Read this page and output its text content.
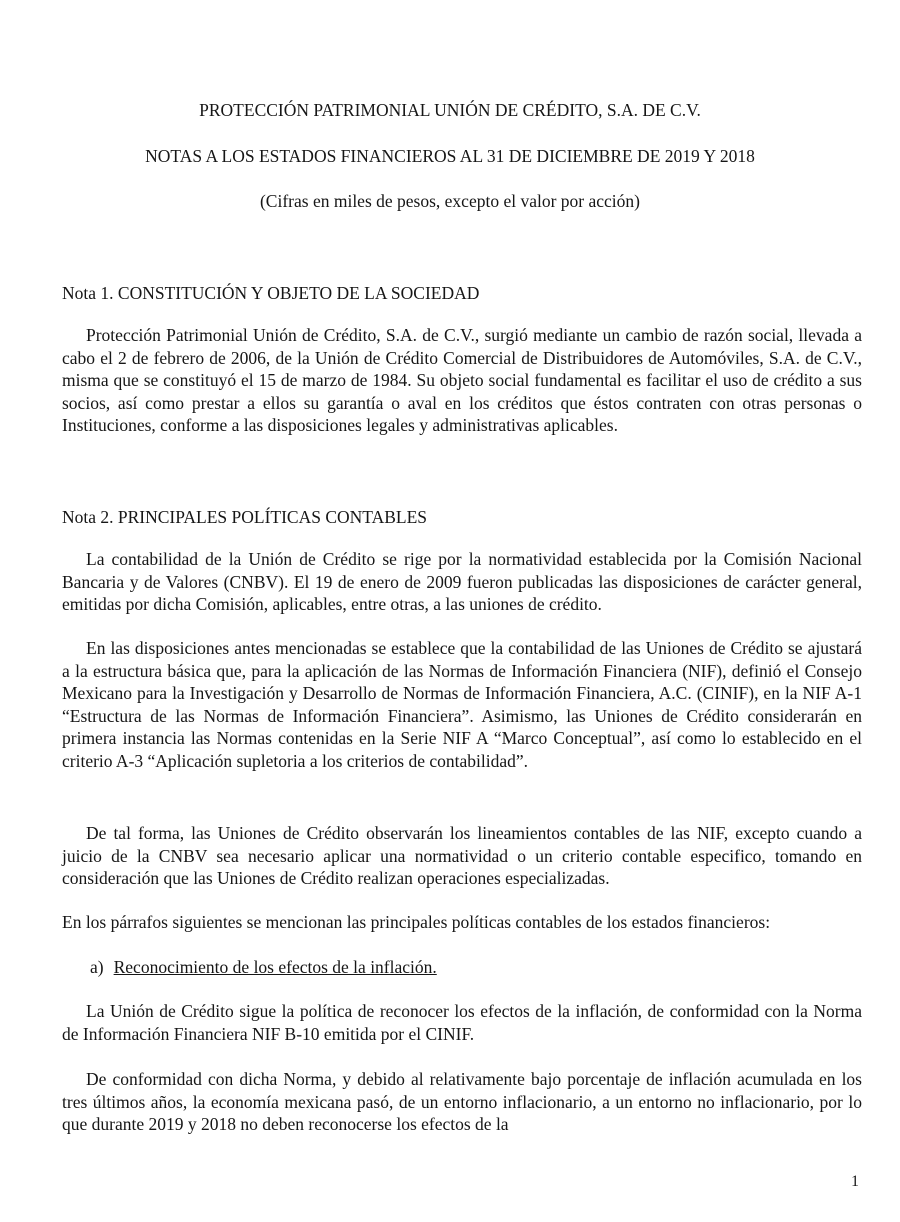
PROTECCIÓN PATRIMONIAL UNIÓN DE CRÉDITO, S.A. DE C.V.
NOTAS A LOS ESTADOS FINANCIEROS AL 31 DE DICIEMBRE DE 2019 Y 2018
(Cifras en miles de pesos, excepto el valor por acción)
Nota 1. CONSTITUCIÓN Y OBJETO DE LA SOCIEDAD

Protección Patrimonial Unión de Crédito, S.A. de C.V., surgió mediante un cambio de razón social, llevada a cabo el 2 de febrero de 2006, de la Unión de Crédito Comercial de Distribuidores de Automóviles, S.A. de C.V., misma que se constituyó el 15 de marzo de 1984. Su objeto social fundamental es facilitar el uso de crédito a sus socios, así como prestar a ellos su garantía o aval en los créditos que éstos contraten con otras personas o Instituciones, conforme a las disposiciones legales y administrativas aplicables.

Nota 2. PRINCIPALES POLÍTICAS CONTABLES

La contabilidad de la Unión de Crédito se rige por la normatividad establecida por la Comisión Nacional Bancaria y de Valores (CNBV). El 19 de enero de 2009 fueron publicadas las disposiciones de carácter general, emitidas por dicha Comisión, aplicables, entre otras, a las uniones de crédito.

En las disposiciones antes mencionadas se establece que la contabilidad de las Uniones de Crédito se ajustará a la estructura básica que, para la aplicación de las Normas de Información Financiera (NIF), definió el Consejo Mexicano para la Investigación y Desarrollo de Normas de Información Financiera, A.C. (CINIF), en la NIF A-1 “Estructura de las Normas de Información Financiera”. Asimismo, las Uniones de Crédito considerarán en primera instancia las Normas contenidas en la Serie NIF A “Marco Conceptual”, así como lo establecido en el criterio A-3 “Aplicación supletoria a los criterios de contabilidad”.

De tal forma, las Uniones de Crédito observarán los lineamientos contables de las NIF, excepto cuando a juicio de la CNBV sea necesario aplicar una normatividad o un criterio contable especifico, tomando en consideración que las Uniones de Crédito realizan operaciones especializadas.

En los párrafos siguientes se mencionan las principales políticas contables de los estados financieros:

a) Reconocimiento de los efectos de la inflación.

La Unión de Crédito sigue la política de reconocer los efectos de la inflación, de conformidad con la Norma de Información Financiera NIF B-10 emitida por el CINIF.

De conformidad con dicha Norma, y debido al relativamente bajo porcentaje de inflación acumulada en los tres últimos años, la economía mexicana pasó, de un entorno inflacionario, a un entorno no inflacionario, por lo que durante 2019 y 2018 no deben reconocerse los efectos de la

1
